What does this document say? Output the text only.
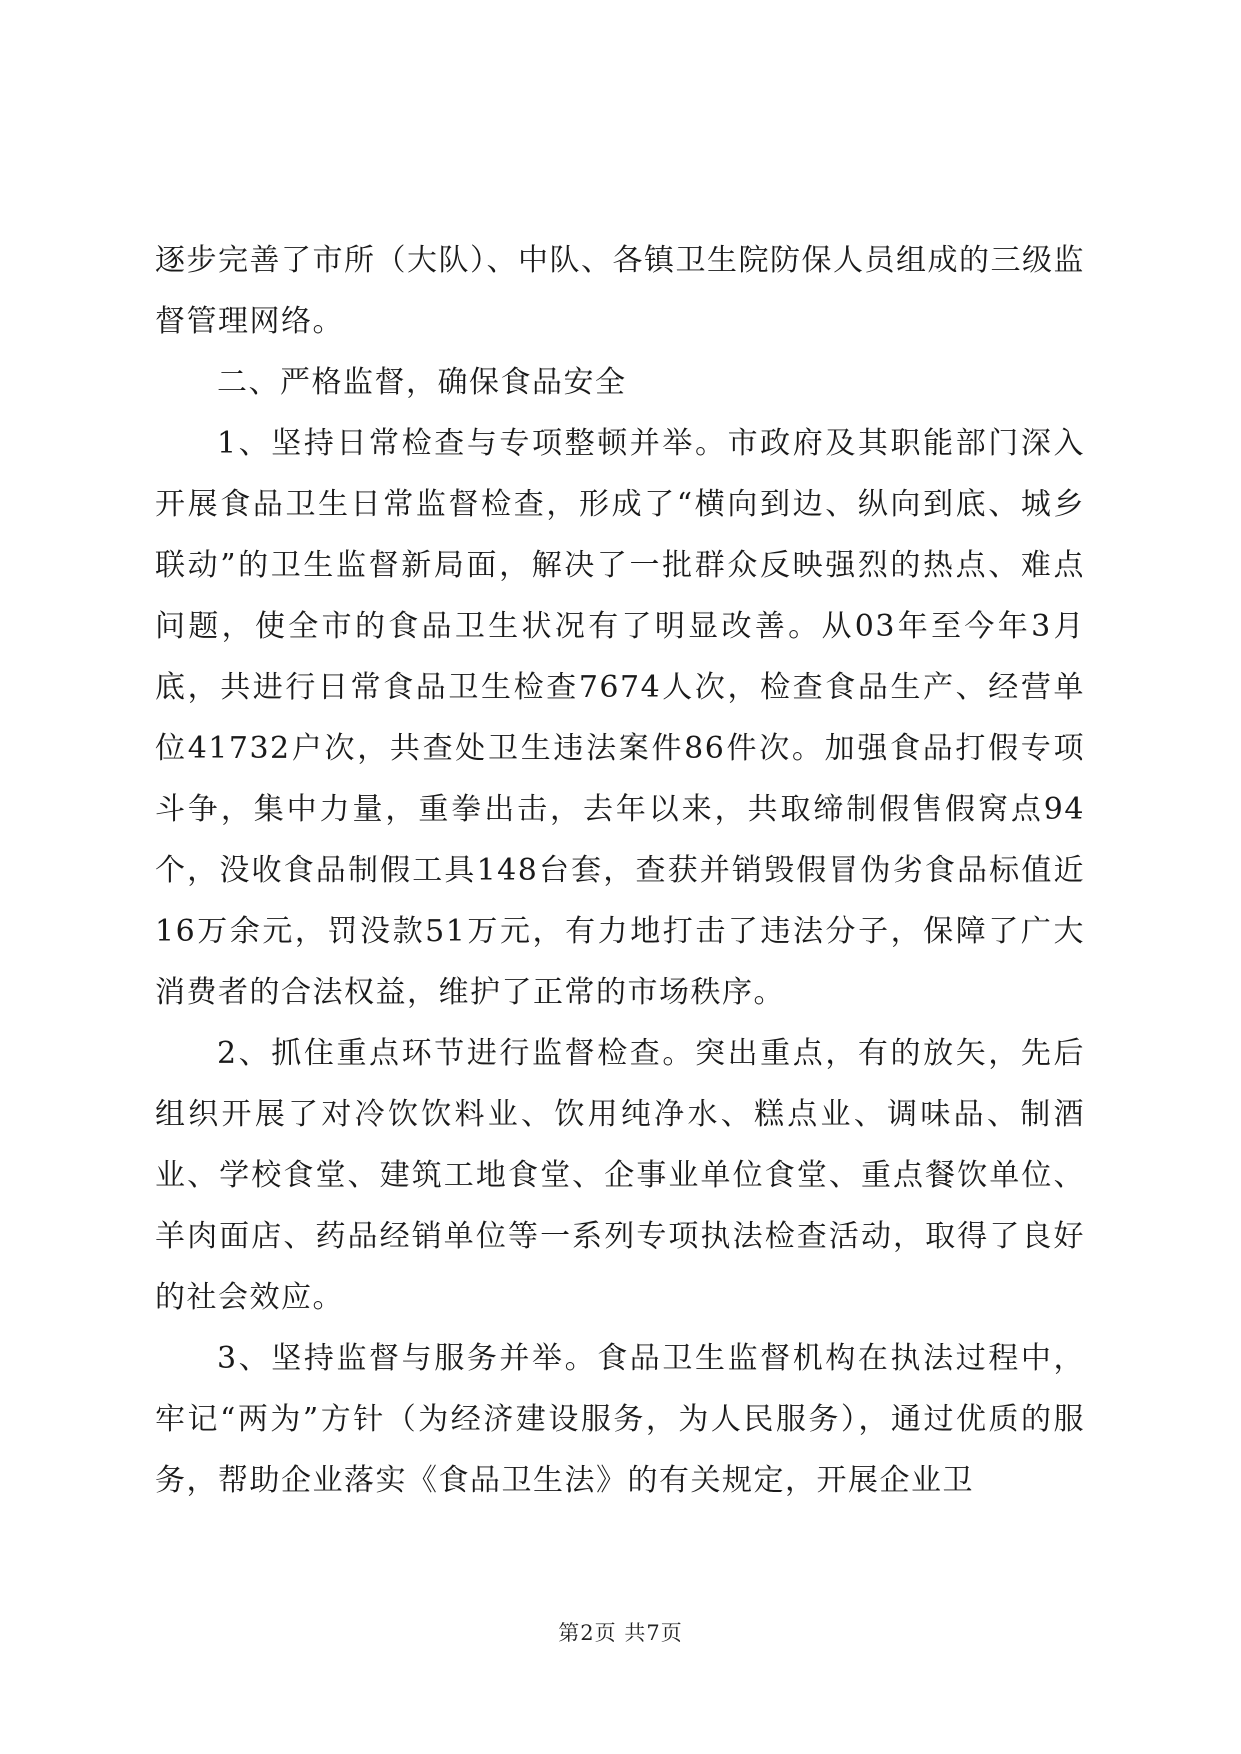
逐步完善了市所（大队）、中队、各镇卫生院防保人员组成的三级监督管理网络。

二、严格监督，确保食品安全

1、坚持日常检查与专项整顿并举。市政府及其职能部门深入开展食品卫生日常监督检查，形成了“横向到边、纵向到底、城乡联动”的卫生监督新局面，解决了一批群众反映强烈的热点、难点问题，使全市的食品卫生状况有了明显改善。从03年至今年3月底，共进行日常食品卫生检查7674人次，检查食品生产、经营单位41732户次，共查处卫生违法案件86件次。加强食品打假专项斗争，集中力量，重拳出击，去年以来，共取缔制假售假窝点94个，没收食品制假工具148台套，查获并销毁假冒伪劣食品标值近16万余元，罚没款51万元，有力地打击了违法分子，保障了广大消费者的合法权益，维护了正常的市场秩序。

2、抓住重点环节进行监督检查。突出重点，有的放矢，先后组织开展了对冷饮饮料业、饮用纯净水、糕点业、调味品、制酒业、学校食堂、建筑工地食堂、企事业单位食堂、重点餐饮单位、羊肉面店、药品经销单位等一系列专项执法检查活动，取得了良好的社会效应。

3、坚持监督与服务并举。食品卫生监督机构在执法过程中，牢记“两为”方针（为经济建设服务，为人民服务），通过优质的服务，帮助企业落实《食品卫生法》的有关规定，开展企业卫

第2页 共7页
